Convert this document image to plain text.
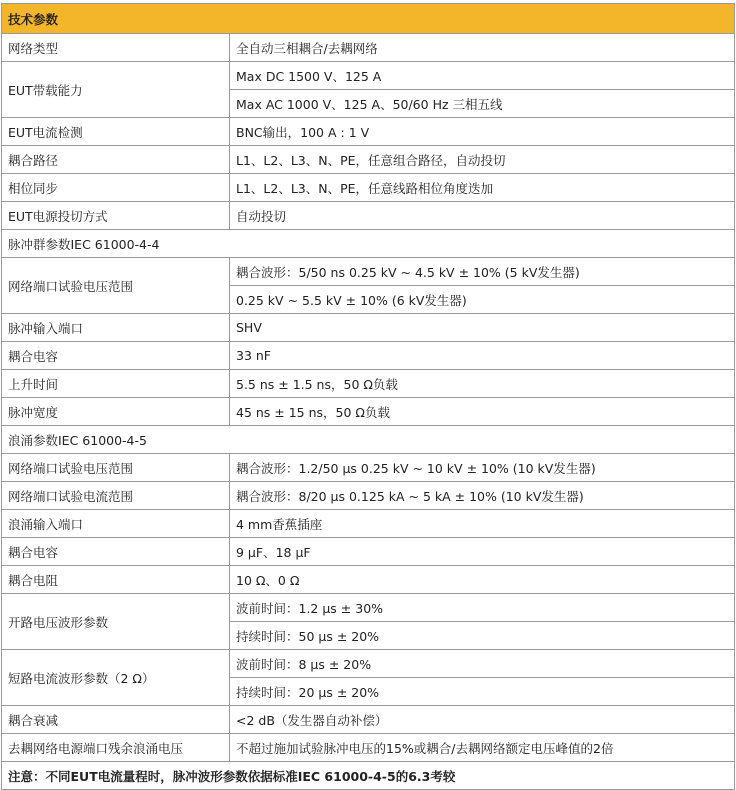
技术参数	
网络类型	全自动三相耦合/去耦网络
EUT带载能力	Max DC 1500 V、125 A
	Max AC 1000 V、125 A、50/60 Hz 三相五线
EUT电流检测	BNC输出，100 A : 1 V
耦合路径	L1、L2、L3、N、PE，任意组合路径，自动投切
相位同步	L1、L2、L3、N、PE，任意线路相位角度迭加
EUT电源投切方式	自动投切
脉冲群参数IEC 61000-4-4	
网络端口试验电压范围	耦合波形：5/50 ns 0.25 kV ~ 4.5 kV ± 10% (5 kV发生器)
	0.25 kV ~ 5.5 kV ± 10% (6 kV发生器)
脉冲输入端口	SHV
耦合电容	33 nF
上升时间	5.5 ns ± 1.5 ns，50 Ω负载
脉冲宽度	45 ns ± 15 ns，50 Ω负载
浪涌参数IEC 61000-4-5	
网络端口试验电压范围	耦合波形：1.2/50 μs 0.25 kV ~ 10 kV ± 10% (10 kV发生器)
网络端口试验电流范围	耦合波形：8/20 μs 0.125 kA ~ 5 kA ± 10% (10 kV发生器)
浪涌输入端口	4 mm香蕉插座
耦合电容	9 μF、18 μF
耦合电阻	10 Ω、0 Ω
开路电压波形参数	波前时间：1.2 μs ± 30%
	持续时间：50 μs ± 20%
短路电流波形参数（2 Ω）	波前时间：8 μs ± 20%
	持续时间：20 μs ± 20%
耦合衰减	<2 dB（发生器自动补偿）
去耦网络电源端口残余浪涌电压	不超过施加试验脉冲电压的15%或耦合/去耦网络额定电压峰值的2倍
注意：不同EUT电流量程时，脉冲波形参数依据标准IEC 61000-4-5的6.3考较	
